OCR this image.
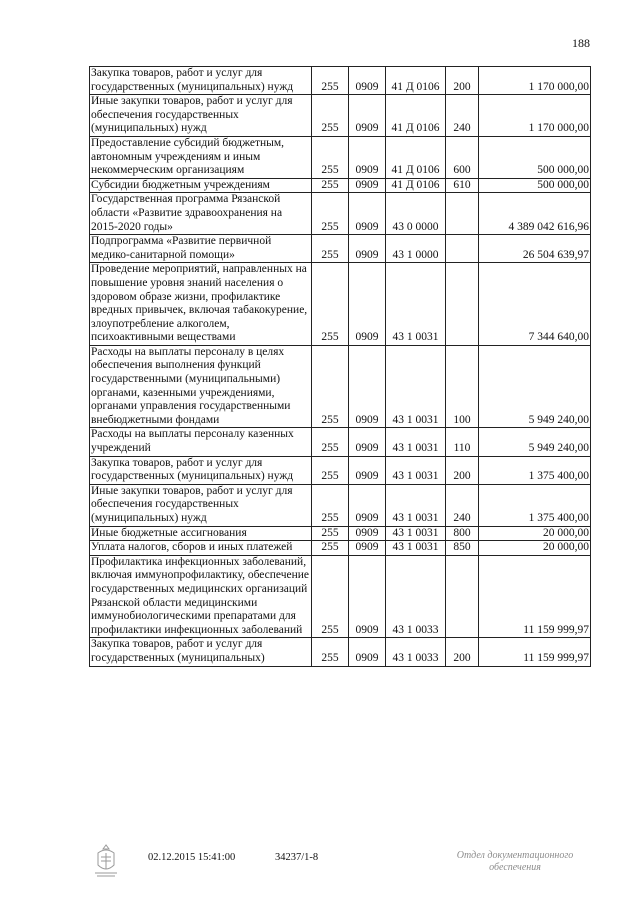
188
Закупка товаров, работ и услуг для государственных (муниципальных) нужд	255	0909	41 Д 0106	200	1 170 000,00
Иные закупки товаров, работ и услуг для обеспечения государственных (муниципальных) нужд	255	0909	41 Д 0106	240	1 170 000,00
Предоставление субсидий бюджетным, автономным учреждениям и иным некоммерческим организациям	255	0909	41 Д 0106	600	500 000,00
Субсидии бюджетным учреждениям	255	0909	41 Д 0106	610	500 000,00
Государственная программа Рязанской области «Развитие здравоохранения на 2015-2020 годы»	255	0909	43 0 0000		4 389 042 616,96
Подпрограмма «Развитие первичной медико-санитарной помощи»	255	0909	43 1 0000		26 504 639,97
Проведение мероприятий, направленных на повышение уровня знаний населения о здоровом образе жизни, профилактике вредных привычек, включая табакокурение, злоупотребление алкоголем, психоактивными веществами	255	0909	43 1 0031		7 344 640,00
Расходы на выплаты персоналу в целях обеспечения выполнения функций государственными (муниципальными) органами, казенными учреждениями, органами управления государственными внебюджетными фондами	255	0909	43 1 0031	100	5 949 240,00
Расходы на выплаты персоналу казенных учреждений	255	0909	43 1 0031	110	5 949 240,00
Закупка товаров, работ и услуг для государственных (муниципальных) нужд	255	0909	43 1 0031	200	1 375 400,00
Иные закупки товаров, работ и услуг для обеспечения государственных (муниципальных) нужд	255	0909	43 1 0031	240	1 375 400,00
Иные бюджетные ассигнования	255	0909	43 1 0031	800	20 000,00
Уплата налогов, сборов и иных платежей	255	0909	43 1 0031	850	20 000,00
Профилактика инфекционных заболеваний, включая иммунопрофилактику, обеспечение государственных медицинских организаций Рязанской области медицинскими иммунобиологическими препаратами для профилактики инфекционных заболеваний	255	0909	43 1 0033		11 159 999,97
Закупка товаров, работ и услуг для государственных (муниципальных)	255	0909	43 1 0033	200	11 159 999,97
02.12.2015 15:41:00	34237/1-8	Отдел документационного
обеспечения
